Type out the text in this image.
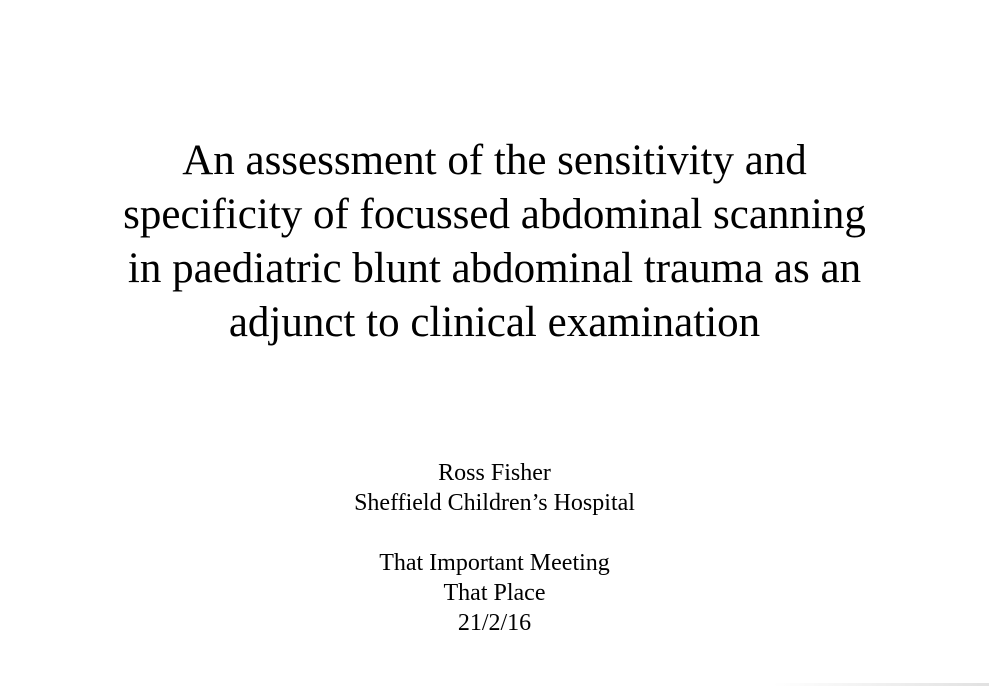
An assessment of the sensitivity and
specificity of focussed abdominal scanning
in paediatric blunt abdominal trauma as an
adjunct to clinical examination
Ross Fisher
Sheffield Children’s Hospital
That Important Meeting
That Place
21/2/16
